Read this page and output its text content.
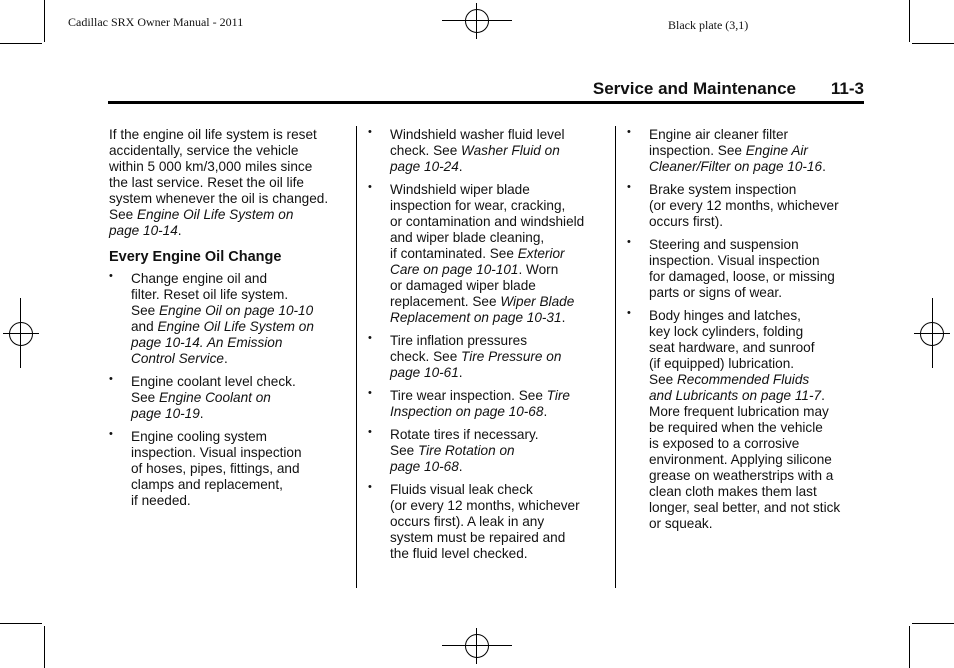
Cadillac SRX Owner Manual - 2011	Black plate (3,1)
Service and Maintenance 11-3

If the engine oil life system is reset
accidentally, service the vehicle
within 5 000 km/3,000 miles since
the last service. Reset the oil life
system whenever the oil is changed.
See Engine Oil Life System on
page 10-14.

Every Engine Oil Change
• Change engine oil and
filter. Reset oil life system.
See Engine Oil on page 10-10
and Engine Oil Life System on
page 10-14. An Emission
Control Service.
• Engine coolant level check.
See Engine Coolant on
page 10-19.
• Engine cooling system
inspection. Visual inspection
of hoses, pipes, fittings, and
clamps and replacement,
if needed.
• Windshield washer fluid level
check. See Washer Fluid on
page 10-24.
• Windshield wiper blade
inspection for wear, cracking,
or contamination and windshield
and wiper blade cleaning,
if contaminated. See Exterior
Care on page 10-101. Worn
or damaged wiper blade
replacement. See Wiper Blade
Replacement on page 10-31.
• Tire inflation pressures
check. See Tire Pressure on
page 10-61.
• Tire wear inspection. See Tire
Inspection on page 10-68.
• Rotate tires if necessary.
See Tire Rotation on
page 10-68.
• Fluids visual leak check
(or every 12 months, whichever
occurs first). A leak in any
system must be repaired and
the fluid level checked.
• Engine air cleaner filter
inspection. See Engine Air
Cleaner/Filter on page 10-16.
• Brake system inspection
(or every 12 months, whichever
occurs first).
• Steering and suspension
inspection. Visual inspection
for damaged, loose, or missing
parts or signs of wear.
• Body hinges and latches,
key lock cylinders, folding
seat hardware, and sunroof
(if equipped) lubrication.
See Recommended Fluids
and Lubricants on page 11-7.
More frequent lubrication may
be required when the vehicle
is exposed to a corrosive
environment. Applying silicone
grease on weatherstrips with a
clean cloth makes them last
longer, seal better, and not stick
or squeak.
